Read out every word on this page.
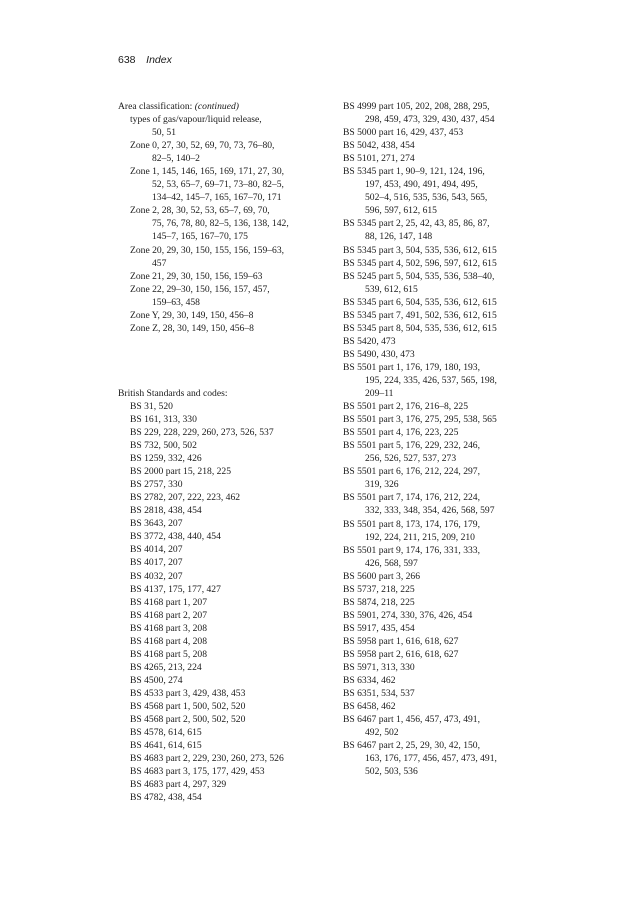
638 Index
Area classification: (continued)
types of gas/vapour/liquid release,
50, 51
Zone 0, 27, 30, 52, 69, 70, 73, 76–80,
82–5, 140–2
Zone 1, 145, 146, 165, 169, 171, 27, 30,
52, 53, 65–7, 69–71, 73–80, 82–5,
134–42, 145–7, 165, 167–70, 171
Zone 2, 28, 30, 52, 53, 65–7, 69, 70,
75, 76, 78, 80, 82–5, 136, 138, 142,
145–7, 165, 167–70, 175
Zone 20, 29, 30, 150, 155, 156, 159–63,
457
Zone 21, 29, 30, 150, 156, 159–63
Zone 22, 29–30, 150, 156, 157, 457,
159–63, 458
Zone Y, 29, 30, 149, 150, 456–8
Zone Z, 28, 30, 149, 150, 456–8
British Standards and codes:
BS 31, 520
BS 161, 313, 330
BS 229, 228, 229, 260, 273, 526, 537
BS 732, 500, 502
BS 1259, 332, 426
BS 2000 part 15, 218, 225
BS 2757, 330
BS 2782, 207, 222, 223, 462
BS 2818, 438, 454
BS 3643, 207
BS 3772, 438, 440, 454
BS 4014, 207
BS 4017, 207
BS 4032, 207
BS 4137, 175, 177, 427
BS 4168 part 1, 207
BS 4168 part 2, 207
BS 4168 part 3, 208
BS 4168 part 4, 208
BS 4168 part 5, 208
BS 4265, 213, 224
BS 4500, 274
BS 4533 part 3, 429, 438, 453
BS 4568 part 1, 500, 502, 520
BS 4568 part 2, 500, 502, 520
BS 4578, 614, 615
BS 4641, 614, 615
BS 4683 part 2, 229, 230, 260, 273, 526
BS 4683 part 3, 175, 177, 429, 453
BS 4683 part 4, 297, 329
BS 4782, 438, 454
BS 4999 part 105, 202, 208, 288, 295,
298, 459, 473, 329, 430, 437, 454
BS 5000 part 16, 429, 437, 453
BS 5042, 438, 454
BS 5101, 271, 274
BS 5345 part 1, 90–9, 121, 124, 196,
197, 453, 490, 491, 494, 495,
502–4, 516, 535, 536, 543, 565,
596, 597, 612, 615
BS 5345 part 2, 25, 42, 43, 85, 86, 87,
88, 126, 147, 148
BS 5345 part 3, 504, 535, 536, 612, 615
BS 5345 part 4, 502, 596, 597, 612, 615
BS 5245 part 5, 504, 535, 536, 538–40,
539, 612, 615
BS 5345 part 6, 504, 535, 536, 612, 615
BS 5345 part 7, 491, 502, 536, 612, 615
BS 5345 part 8, 504, 535, 536, 612, 615
BS 5420, 473
BS 5490, 430, 473
BS 5501 part 1, 176, 179, 180, 193,
195, 224, 335, 426, 537, 565, 198,
209–11
BS 5501 part 2, 176, 216–8, 225
BS 5501 part 3, 176, 275, 295, 538, 565
BS 5501 part 4, 176, 223, 225
BS 5501 part 5, 176, 229, 232, 246,
256, 526, 527, 537, 273
BS 5501 part 6, 176, 212, 224, 297,
319, 326
BS 5501 part 7, 174, 176, 212, 224,
332, 333, 348, 354, 426, 568, 597
BS 5501 part 8, 173, 174, 176, 179,
192, 224, 211, 215, 209, 210
BS 5501 part 9, 174, 176, 331, 333,
426, 568, 597
BS 5600 part 3, 266
BS 5737, 218, 225
BS 5874, 218, 225
BS 5901, 274, 330, 376, 426, 454
BS 5917, 435, 454
BS 5958 part 1, 616, 618, 627
BS 5958 part 2, 616, 618, 627
BS 5971, 313, 330
BS 6334, 462
BS 6351, 534, 537
BS 6458, 462
BS 6467 part 1, 456, 457, 473, 491,
492, 502
BS 6467 part 2, 25, 29, 30, 42, 150,
163, 176, 177, 456, 457, 473, 491,
502, 503, 536
